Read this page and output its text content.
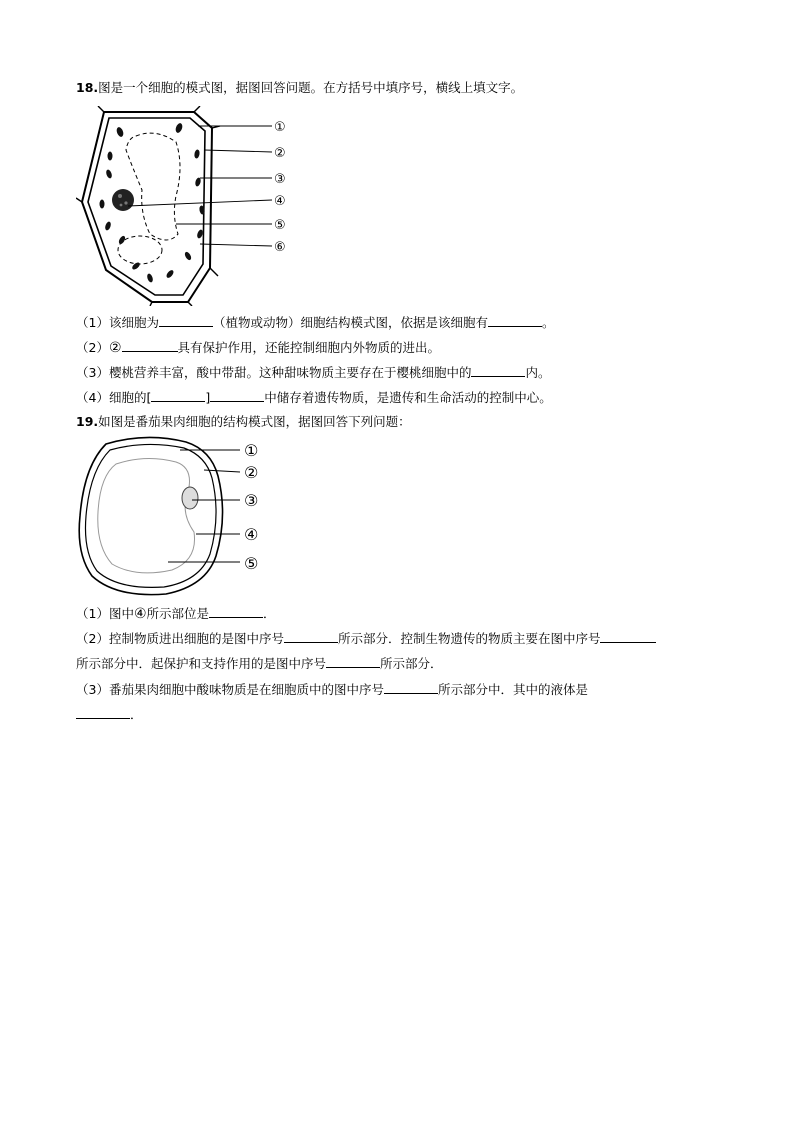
18.图是一个细胞的模式图，据图回答问题。在方括号中填序号，横线上填文字。
①
②
③
④
⑤
⑥
（1）该细胞为	（植物或动物）细胞结构模式图，依据是该细胞有	。
（2）②	具有保护作用，还能控制细胞内外物质的进出。
（3）樱桃营养丰富，酸中带甜。这种甜味物质主要存在于樱桃细胞中的	内。
（4）细胞的[	]	中储存着遗传物质，是遗传和生命活动的控制中心。
19.如图是番茄果肉细胞的结构模式图，据图回答下列问题：
①
②
③
④
⑤
（1）图中④所示部位是	．
（2）控制物质进出细胞的是图中序号	所示部分．控制生物遗传的物质主要在图中序号
所示部分中．起保护和支持作用的是图中序号	所示部分．
（3）番茄果肉细胞中酸味物质是在细胞质中的图中序号	所示部分中．其中的液体是
．
